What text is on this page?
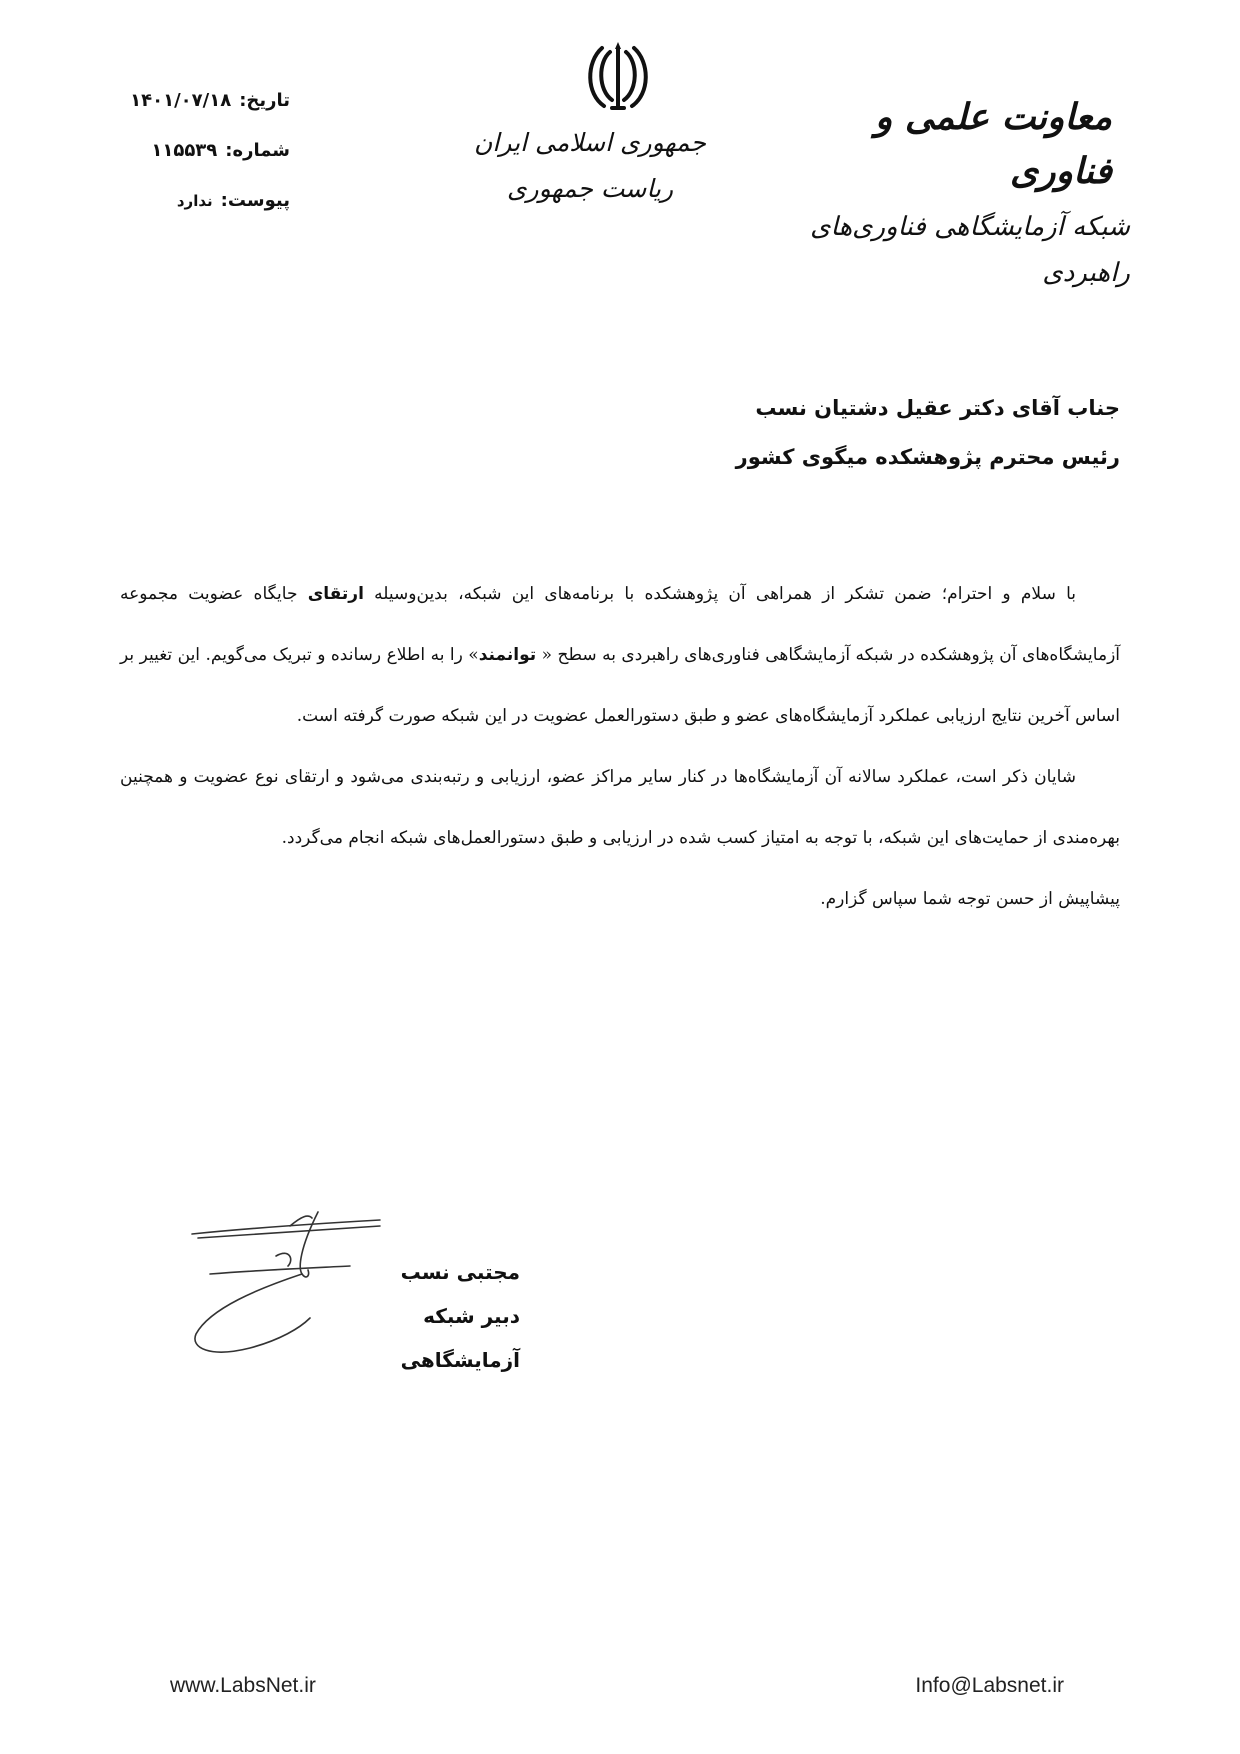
تاریخ:
۱۴۰۱/۰۷/۱۸
شماره:
۱۱۵۵۳۹
پیوست:
ندارد
جمهوری اسلامی ایران
ریاست جمهوری
معاونت علمی و فناوری
شبکه آزمایشگاهی فناوری‌های راهبردی
جناب آقای دکتر عقیل دشتیان نسب
رئیس محترم پژوهشکده میگوی کشور

با سلام و احترام؛ ضمن تشکر از همراهی آن پژوهشکده با برنامه‌های این شبکه، بدین‌وسیله ارتقای جایگاه عضویت مجموعه آزمایشگاه‌های آن پژوهشکده در شبکه آزمایشگاهی فناوری‌های راهبردی به سطح « توانمند» را به اطلاع رسانده و تبریک می‌گویم. این تغییر بر اساس آخرین نتایج ارزیابی عملکرد آزمایشگاه‌های عضو و طبق دستورالعمل عضویت در این شبکه صورت گرفته است.

شایان ذکر است، عملکرد سالانه آن آزمایشگاه‌ها در کنار سایر مراکز عضو، ارزیابی و رتبه‌بندی می‌شود و ارتقای نوع عضویت و همچنین بهره‌مندی از حمایت‌های این شبکه، با توجه به امتیاز کسب شده در ارزیابی و طبق دستورالعمل‌های شبکه انجام می‌گردد.

پیشاپیش از حسن توجه شما سپاس گزارم.

مجتبی نسب
دبیر شبکه آزمایشگاهی
www.LabsNet.ir	Info@Labsnet.ir
